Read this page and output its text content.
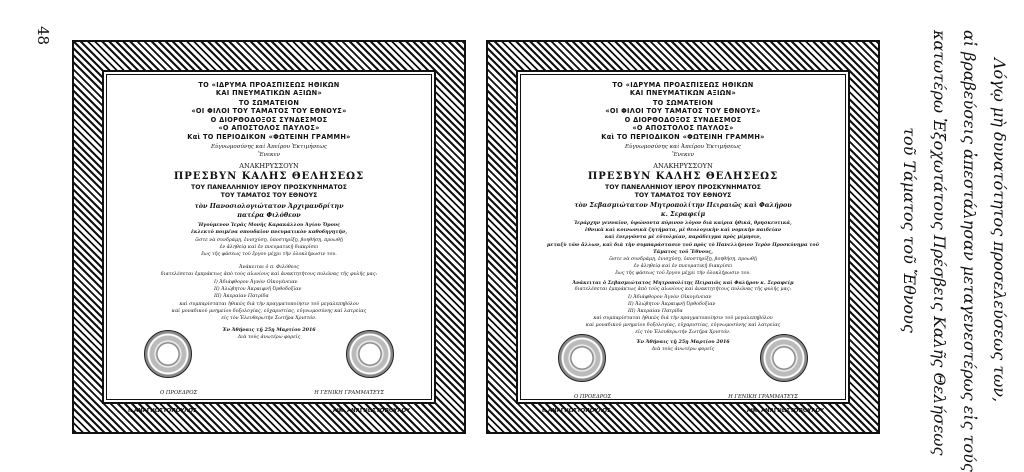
48
ΤΟ «ΙΔΡΥΜΑ ΠΡΟΑΣΠΙΣΕΩΣ ΗΘΙΚΩΝ
ΚΑΙ ΠΝΕΥΜΑΤΙΚΩΝ ΑΞΙΩΝ»
ΤΟ ΣΩΜΑΤΕΙΟΝ
«ΟΙ ΦΙΛΟΙ ΤΟΥ ΤΑΜΑΤΟΣ ΤΟΥ ΕΘΝΟΥΣ»
Ο ΔΙΟΡΘΟΔΟΞΟΣ ΣΥΝΔΕΣΜΟΣ
«Ο ΑΠΟΣΤΟΛΟΣ ΠΑΥΛΟΣ»
Καὶ ΤΟ ΠΕΡΙΟΔΙΚΟΝ «ΦΩΤΕΙΝΗ ΓΡΑΜΜΗ»
Εὐγνωμοσύνης καὶ Ἀπείρου Ἐκτιμήσεως
Ἕνεκεν
ΑΝΑΚΗΡΥΣΣΟΥΝ
ΠΡΕΣΒΥΝ ΚΑΛΗΣ ΘΕΛΗΣΕΩΣ
ΤΟΥ ΠΑΝΕΛΛΗΝΙΟΥ ΙΕΡΟΥ ΠΡΟΣΚΥΝΗΜΑΤΟΣ
ΤΟΥ ΤΑΜΑΤΟΣ ΤΟΥ ΕΘΝΟΥΣ
τὸν Πανοσιολογιώτατον Ἀρχιμανδρίτην
πατέρα Φιλόθεον
Ἡγούμενον Ἱερᾶς Μονῆς Καρακάλλου Ἁγίου Ὄρους
ἐκλεκτὸ ποιμένα σπουδαῖον πνευματικὸν καθοδηγητήν,
ὥστε νὰ συνδράμῃ, ἐνισχύσῃ, ὑποστηρίξῃ, βοηθήσῃ, προωθῇ
ἐν ἀληθείᾳ καὶ ἐν πνευματικῇ διακρίσει
ἕως τῆς φάσεως τοῦ ἔργου μέχρι τὴν ὁλοκλήρωσιν του.
Ἀνάκειται ὁ π. Φιλόθεος
διατελέσεται ἐμπράκτως ἀπὸ τοὺς αἰωνίους καὶ ἀνακτητήτους πυλῶνας τῆς φυλῆς μας:
Ι) Ἀδιάφθορον Ἀγνὸν Οἰκογένειαν
ΙΙ) Ἀλώβητον Ἀκραιφνῆ Ὀρθοδοξίαν
ΙΙΙ) Ἀκεραίαν Πατρίδα
καὶ συμπαρίσταται ἠθικῶς διὰ τὴν πραγματοποίησιν τοῦ μεγαλεπηβόλου
καὶ μοναδικοῦ μνημείου δοξολογίας, εὐχαριστίας, εὐγνωμοσύνης καὶ λατρείας
εἰς τὸν Ἐλευθερωτὴν Σωτῆρα Χριστόν.
Ἐν Ἀθήναις τῇ 25ῃ Μαρτίου 2016
Διὰ τοὺς ἀνωτέρω φορεῖς
Ο ΠΡΟΕΔΡΟΣ	Η ΓΕΝΙΚΗ ΓΡΑΜΜΑΤΕΥΣ
Ι. ΑΝΑΓΝΩΣΤΟΠΟΥΛΟΣ	ΑΙΚ. ΑΝΑΓΝΩΣΤΟΠΟΥΛΟΥ
ΤΟ «ΙΔΡΥΜΑ ΠΡΟΑΣΠΙΣΕΩΣ ΗΘΙΚΩΝ
ΚΑΙ ΠΝΕΥΜΑΤΙΚΩΝ ΑΞΙΩΝ»
ΤΟ ΣΩΜΑΤΕΙΟΝ
«ΟΙ ΦΙΛΟΙ ΤΟΥ ΤΑΜΑΤΟΣ ΤΟΥ ΕΘΝΟΥΣ»
Ο ΔΙΟΡΘΟΔΟΞΟΣ ΣΥΝΔΕΣΜΟΣ
«Ο ΑΠΟΣΤΟΛΟΣ ΠΑΥΛΟΣ»
Καὶ ΤΟ ΠΕΡΙΟΔΙΚΟΝ «ΦΩΤΕΙΝΗ ΓΡΑΜΜΗ»
Εὐγνωμοσύνης καὶ Ἀπείρου Ἐκτιμήσεως
Ἕνεκεν
ΑΝΑΚΗΡΥΣΣΟΥΝ
ΠΡΕΣΒΥΝ ΚΑΛΗΣ ΘΕΛΗΣΕΩΣ
ΤΟΥ ΠΑΝΕΛΛΗΝΙΟΥ ΙΕΡΟΥ ΠΡΟΣΚΥΝΗΜΑΤΟΣ
ΤΟΥ ΤΑΜΑΤΟΣ ΤΟΥ ΕΘΝΟΥΣ
τὸν Σεβασμιώτατον Μητροπολίτην Πειραιῶς καὶ Φαλήρου
κ. Σεραφείμ
Ἱεράρχην γενναῖον, ὑψώνοντα πύρινον λόγον διὰ καίρια ἠθικά, θρησκευτικά,
ἐθνικὰ καὶ κοινωνικὰ ζητήματα, μὲ θεολογικὴν καὶ νομικὴν παιδείαν
καὶ ἐνεργῶντα μὲ εὐτολμίαν, παράδειγμα πρὸς μίμησιν,
μεταξὺ τῶν ἄλλων, καὶ διὰ τὴν συμπαράστασιν τοῦ πρὸς τὸ Πανελλήνιον Ἱερὸν Προσκύνημα τοῦ Τάματος τοῦ Ἔθνους,
ὥστε νὰ συνδράμῃ, ἐνισχύσῃ, ὑποστηρίξῃ, βοηθήσῃ, προωθῇ
ἐν ἀληθείᾳ καὶ ἐν πνευματικῇ διακρίσει
ἕως τῆς φάσεως τοῦ ἔργου μέχρι τὴν ὁλοκλήρωσιν του.
Ἀνάκειται ὁ Σεβασμιώτατος Μητροπολίτης Πειραιῶς καὶ Φαλήρου κ. Σεραφείμ
διατελέσεται ἐμπράκτως ἀπὸ τοὺς αἰωνίους καὶ ἀνακτητήτους πυλῶνας τῆς φυλῆς μας:
Ι) Ἀδιάφθορον Ἀγνὸν Οἰκογένειαν
ΙΙ) Ἀλώβητον Ἀκραιφνῆ Ὀρθοδοξίαν
ΙΙΙ) Ἀκεραίαν Πατρίδα
καὶ συμπαρίσταται ἠθικῶς διὰ τὴν πραγματοποίησιν τοῦ μεγαλεπηβόλου
καὶ μοναδικοῦ μνημείου δοξολογίας, εὐχαριστίας, εὐγνωμοσύνης καὶ λατρείας
εἰς τὸν Ἐλευθερωτὴν Σωτῆρα Χριστόν.
Ἐν Ἀθήναις τῇ 25ῃ Μαρτίου 2016
Διὰ τοὺς ἀνωτέρω φορεῖς
Ο ΠΡΟΕΔΡΟΣ	Η ΓΕΝΙΚΗ ΓΡΑΜΜΑΤΕΥΣ
Ι. ΑΝΑΓΝΩΣΤΟΠΟΥΛΟΣ	ΑΙΚ. ΑΝΑΓΝΩΣΤΟΠΟΥΛΟΥ
Λόγῳ μὴ δυνατότητος προσελεύσεως των,
αἱ βραβεύσεις ἀπεστάλησαν μεταγενεστέρως εἰς τούς
κατωτέρω Ἐξοχωτάτους Πρέσβεις Καλῆς Θελήσεως
τοῦ Τάματος τοῦ Ἔθνους
